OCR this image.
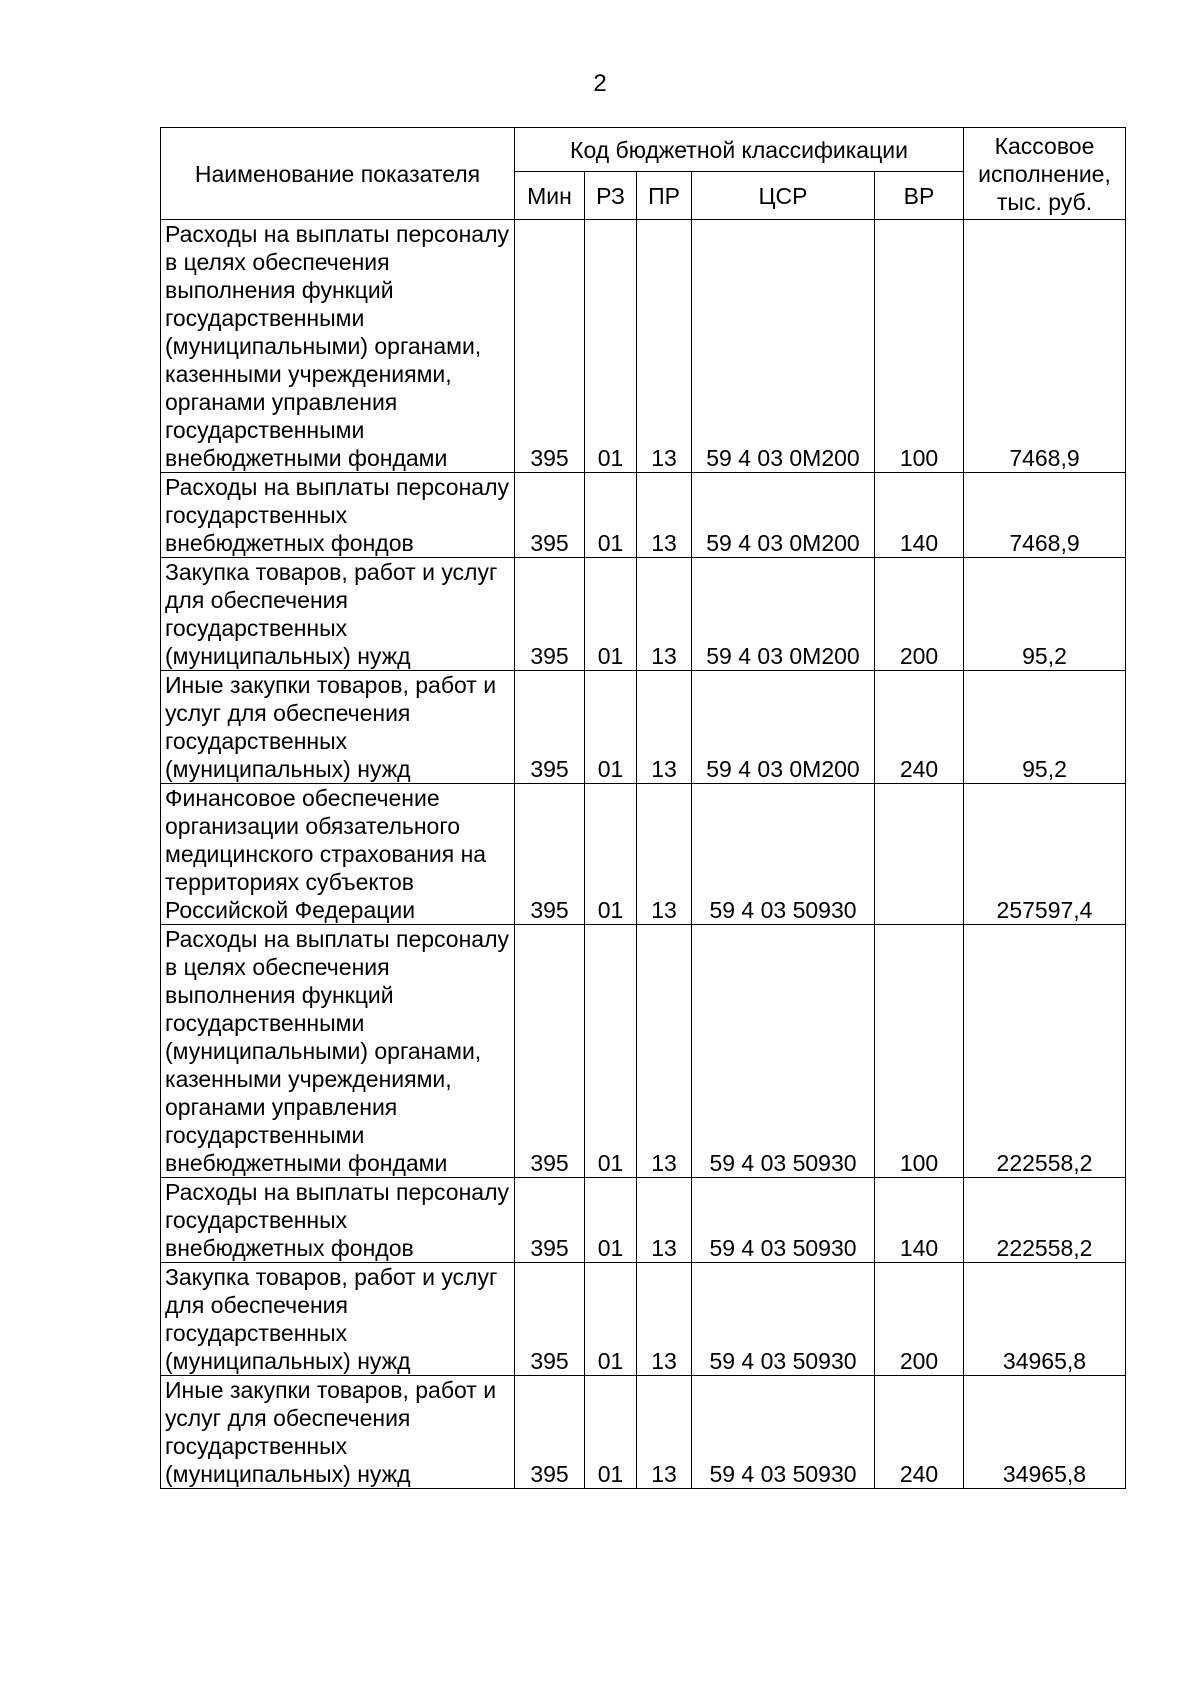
2
Наименование показателя	Код бюджетной классификации					Кассовое исполнение, тыс. руб.
	Мин	РЗ	ПР	ЦСР	ВР	
Расходы на выплаты персоналу в целях обеспечения выполнения функций государственными (муниципальными) органами, казенными учреждениями, органами управления государственными внебюджетными фондами	395	01	13	59 4 03 0М200	100	7468,9
Расходы на выплаты персоналу государственных внебюджетных фондов	395	01	13	59 4 03 0М200	140	7468,9
Закупка товаров, работ и услуг для обеспечения государственных (муниципальных) нужд	395	01	13	59 4 03 0М200	200	95,2
Иные закупки товаров, работ и услуг для обеспечения государственных (муниципальных) нужд	395	01	13	59 4 03 0М200	240	95,2
Финансовое обеспечение организации обязательного медицинского страхования на территориях субъектов Российской Федерации	395	01	13	59 4 03 50930		257597,4
Расходы на выплаты персоналу в целях обеспечения выполнения функций государственными (муниципальными) органами, казенными учреждениями, органами управления государственными внебюджетными фондами	395	01	13	59 4 03 50930	100	222558,2
Расходы на выплаты персоналу государственных внебюджетных фондов	395	01	13	59 4 03 50930	140	222558,2
Закупка товаров, работ и услуг для обеспечения государственных (муниципальных) нужд	395	01	13	59 4 03 50930	200	34965,8
Иные закупки товаров, работ и услуг для обеспечения государственных (муниципальных) нужд	395	01	13	59 4 03 50930	240	34965,8
